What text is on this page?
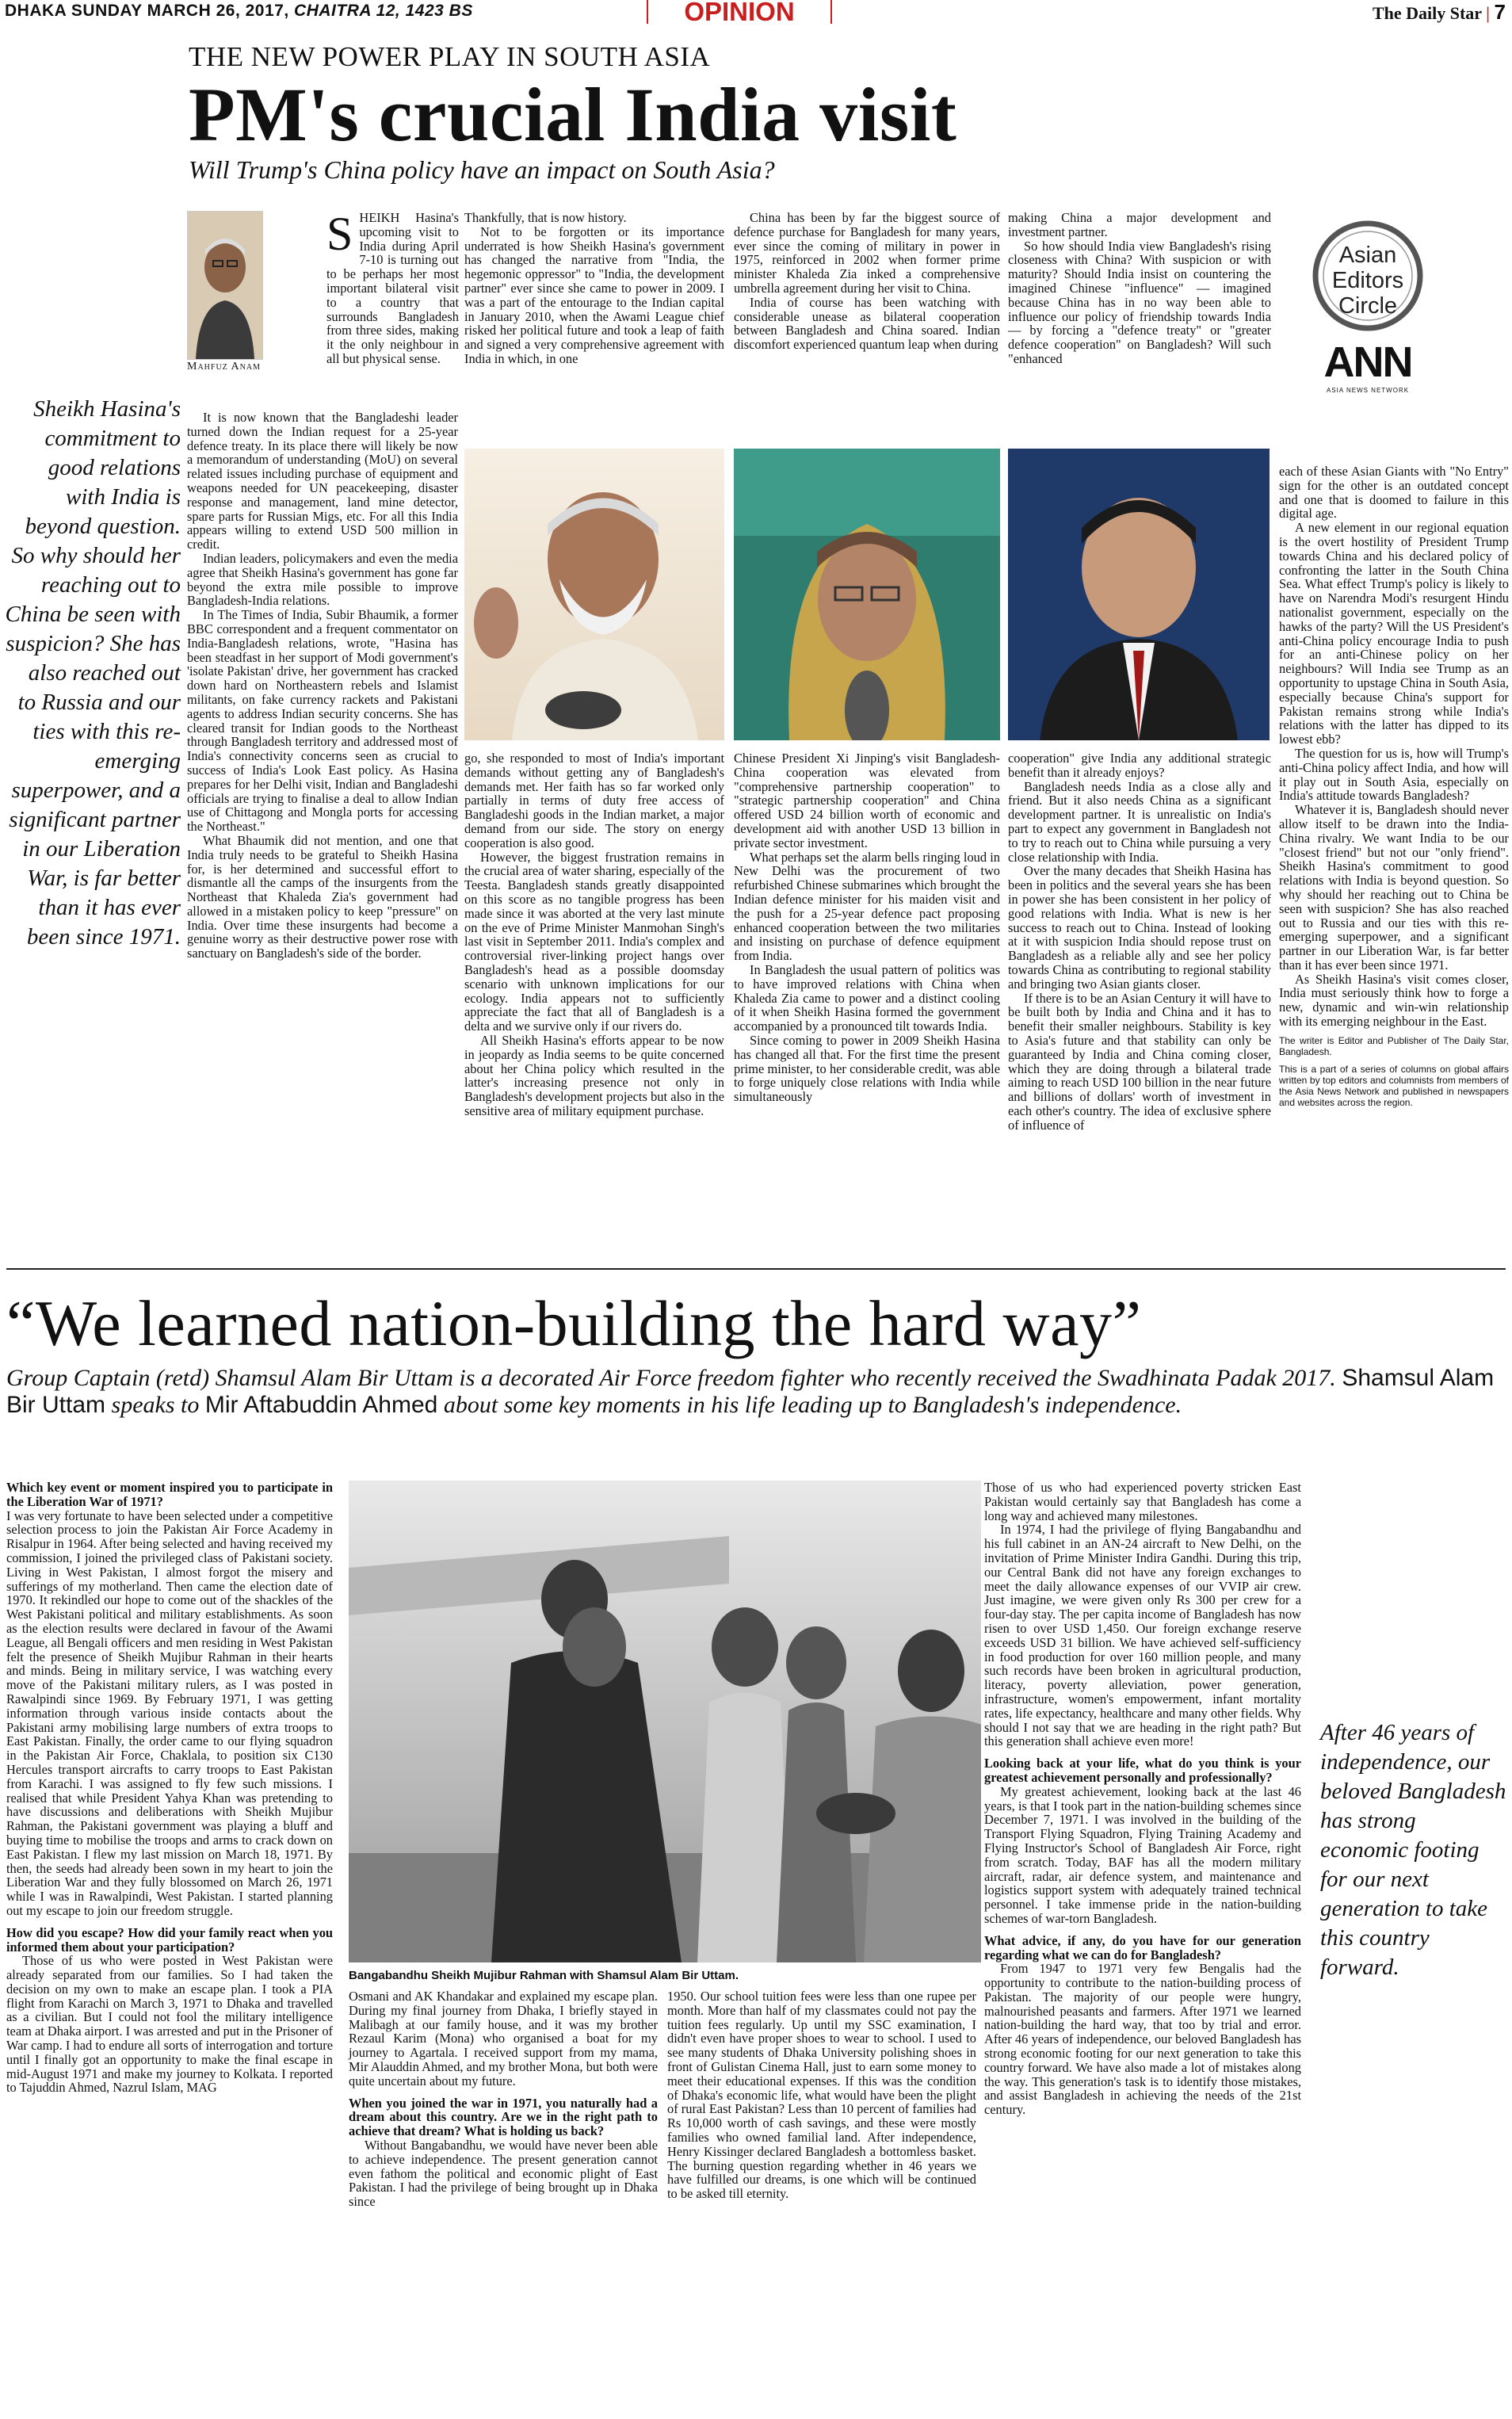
DHAKA SUNDAY MARCH 26, 2017, CHAITRA 12, 1423 BS	OPINION	The Daily Star | 7
THE NEW POWER PLAY IN SOUTH ASIA
PM's crucial India visit
Will Trump's China policy have an impact on South Asia?
Mahfuz Anam
Sheikh Hasina's commitment to good relations with India is beyond question. So why should her reaching out to China be seen with suspicion? She has also reached out to Russia and our ties with this re-emerging superpower, and a significant partner in our Liberation War, is far better than it has ever been since 1971.
S HEIKH Hasina's upcoming visit to India during April 7-10 is turning out to be perhaps her most important bilateral visit to a country that surrounds Bangladesh from three sides, making it the only neighbour in all but physical sense.

It is now known that the Bangladeshi leader turned down the Indian request for a 25-year defence treaty. In its place there will likely be now a memorandum of understanding (MoU) on several related issues including purchase of equipment and weapons needed for UN peacekeeping, disaster response and management, land mine detector, spare parts for Russian Migs, etc. For all this India appears willing to extend USD 500 million in credit.

Indian leaders, policymakers and even the media agree that Sheikh Hasina's government has gone far beyond the extra mile possible to improve Bangladesh-India relations.

In The Times of India, Subir Bhaumik, a former BBC correspondent and a frequent commentator on India-Bangladesh relations, wrote, "Hasina has been steadfast in her support of Modi government's 'isolate Pakistan' drive, her government has cracked down hard on Northeastern rebels and Islamist militants, on fake currency rackets and Pakistani agents to address Indian security concerns. She has cleared transit for Indian goods to the Northeast through Bangladesh territory and addressed most of India's connectivity concerns seen as crucial to success of India's Look East policy. As Hasina prepares for her Delhi visit, Indian and Bangladeshi officials are trying to finalise a deal to allow Indian use of Chittagong and Mongla ports for accessing the Northeast."

What Bhaumik did not mention, and one that India truly needs to be grateful to Sheikh Hasina for, is her determined and successful effort to dismantle all the camps of the insurgents from the Northeast that Khaleda Zia's government had allowed in a mistaken policy to keep "pressure" on India. Over time these insurgents had become a genuine worry as their destructive power rose with sanctuary on Bangladesh's side of the border.

Thankfully, that is now history.

Not to be forgotten or its importance underrated is how Sheikh Hasina's government has changed the narrative from "India, the hegemonic oppressor" to "India, the development partner" ever since she came to power in 2009. I was a part of the entourage to the Indian capital in January 2010, when the Awami League chief risked her political future and took a leap of faith and signed a very comprehensive agreement with India in which, in one

China has been by far the biggest source of defence purchase for Bangladesh for many years, ever since the coming of military in power in 1975, reinforced in 2002 when former prime minister Khaleda Zia inked a comprehensive umbrella agreement during her visit to China.

India of course has been watching with considerable unease as bilateral cooperation between Bangladesh and China soared. Indian discomfort experienced quantum leap when during

making China a major development and investment partner.

So how should India view Bangladesh's rising closeness with China? With suspicion or with maturity? Should India insist on countering the imagined Chinese "influence" — imagined because China has in no way been able to influence our policy of friendship towards India — by forcing a "defence treaty" or "greater defence cooperation" on Bangladesh? Will such "enhanced

Asian
Editors
Circle
ANN
ASIA NEWS NETWORK

go, she responded to most of India's important demands without getting any of Bangladesh's demands met. Her faith has so far worked only partially in terms of duty free access of Bangladeshi goods in the Indian market, a major demand from our side. The story on energy cooperation is also good.

However, the biggest frustration remains in the crucial area of water sharing, especially of the Teesta. Bangladesh stands greatly disappointed on this score as no tangible progress has been made since it was aborted at the very last minute on the eve of Prime Minister Manmohan Singh's last visit in September 2011. India's complex and controversial river-linking project hangs over Bangladesh's head as a possible doomsday scenario with unknown implications for our ecology. India appears not to sufficiently appreciate the fact that all of Bangladesh is a delta and we survive only if our rivers do.

All Sheikh Hasina's efforts appear to be now in jeopardy as India seems to be quite concerned about her China policy which resulted in the latter's increasing presence not only in Bangladesh's development projects but also in the sensitive area of military equipment purchase.

Chinese President Xi Jinping's visit Bangladesh-China cooperation was elevated from "comprehensive partnership cooperation" to "strategic partnership cooperation" and China offered USD 24 billion worth of economic and development aid with another USD 13 billion in private sector investment.

What perhaps set the alarm bells ringing loud in New Delhi was the procurement of two refurbished Chinese submarines which brought the Indian defence minister for his maiden visit and the push for a 25-year defence pact proposing enhanced cooperation between the two militaries and insisting on purchase of defence equipment from India.

In Bangladesh the usual pattern of politics was to have improved relations with China when Khaleda Zia came to power and a distinct cooling of it when Sheikh Hasina formed the government accompanied by a pronounced tilt towards India.

Since coming to power in 2009 Sheikh Hasina has changed all that. For the first time the present prime minister, to her considerable credit, was able to forge uniquely close relations with India while simultaneously

cooperation" give India any additional strategic benefit than it already enjoys?

Bangladesh needs India as a close ally and friend. But it also needs China as a significant development partner. It is unrealistic on India's part to expect any government in Bangladesh not to try to reach out to China while pursuing a very close relationship with India.

Over the many decades that Sheikh Hasina has been in politics and the several years she has been in power she has been consistent in her policy of good relations with India. What is new is her success to reach out to China. Instead of looking at it with suspicion India should repose trust on Bangladesh as a reliable ally and see her policy towards China as contributing to regional stability and bringing two Asian giants closer.

If there is to be an Asian Century it will have to be built both by India and China and it has to benefit their smaller neighbours. Stability is key to Asia's future and that stability can only be guaranteed by India and China coming closer, which they are doing through a bilateral trade aiming to reach USD 100 billion in the near future and billions of dollars' worth of investment in each other's country. The idea of exclusive sphere of influence of

each of these Asian Giants with "No Entry" sign for the other is an outdated concept and one that is doomed to failure in this digital age.

A new element in our regional equation is the overt hostility of President Trump towards China and his declared policy of confronting the latter in the South China Sea. What effect Trump's policy is likely to have on Narendra Modi's resurgent Hindu nationalist government, especially on the hawks of the party? Will the US President's anti-China policy encourage India to push for an anti-Chinese policy on her neighbours? Will India see Trump as an opportunity to upstage China in South Asia, especially because China's support for Pakistan remains strong while India's relations with the latter has dipped to its lowest ebb?

The question for us is, how will Trump's anti-China policy affect India, and how will it play out in South Asia, especially on India's attitude towards Bangladesh?

Whatever it is, Bangladesh should never allow itself to be drawn into the India-China rivalry. We want India to be our "closest friend" but not our "only friend". Sheikh Hasina's commitment to good relations with India is beyond question. So why should her reaching out to China be seen with suspicion? She has also reached out to Russia and our ties with this re-emerging superpower, and a significant partner in our Liberation War, is far better than it has ever been since 1971.

As Sheikh Hasina's visit comes closer, India must seriously think how to forge a new, dynamic and win-win relationship with its emerging neighbour in the East.

The writer is Editor and Publisher of The Daily Star, Bangladesh.
This is a part of a series of columns on global affairs written by top editors and columnists from members of the Asia News Network and published in newspapers and websites across the region.
“We learned nation-building the hard way”
Group Captain (retd) Shamsul Alam Bir Uttam is a decorated Air Force freedom fighter who recently received the Swadhinata Padak 2017. Shamsul Alam Bir Uttam speaks to Mir Aftabuddin Ahmed about some key moments in his life leading up to Bangladesh's independence.

Which key event or moment inspired you to participate in the Liberation War of 1971?

I was very fortunate to have been selected under a competitive selection process to join the Pakistan Air Force Academy in Risalpur in 1964. After being selected and having received my commission, I joined the privileged class of Pakistani society. Living in West Pakistan, I almost forgot the misery and sufferings of my motherland. Then came the election date of 1970. It rekindled our hope to come out of the shackles of the West Pakistani political and military establishments. As soon as the election results were declared in favour of the Awami League, all Bengali officers and men residing in West Pakistan felt the presence of Sheikh Mujibur Rahman in their hearts and minds. Being in military service, I was watching every move of the Pakistani military rulers, as I was posted in Rawalpindi since 1969. By February 1971, I was getting information through various inside contacts about the Pakistani army mobilising large numbers of extra troops to East Pakistan. Finally, the order came to our flying squadron in the Pakistan Air Force, Chaklala, to position six C130 Hercules transport aircrafts to carry troops to East Pakistan from Karachi. I was assigned to fly few such missions. I realised that while President Yahya Khan was pretending to have discussions and deliberations with Sheikh Mujibur Rahman, the Pakistani government was playing a bluff and buying time to mobilise the troops and arms to crack down on East Pakistan. I flew my last mission on March 18, 1971. By then, the seeds had already been sown in my heart to join the Liberation War and they fully blossomed on March 26, 1971 while I was in Rawalpindi, West Pakistan. I started planning out my escape to join our freedom struggle.

How did you escape? How did your family react when you informed them about your participation?

Those of us who were posted in West Pakistan were already separated from our families. So I had taken the decision on my own to make an escape plan. I took a PIA flight from Karachi on March 3, 1971 to Dhaka and travelled as a civilian. But I could not fool the military intelligence team at Dhaka airport. I was arrested and put in the Prisoner of War camp. I had to endure all sorts of interrogation and torture until I finally got an opportunity to make the final escape in mid-August 1971 and make my journey to Kolkata. I reported to Tajuddin Ahmed, Nazrul Islam, MAG

Bangabandhu Sheikh Mujibur Rahman with Shamsul Alam Bir Uttam.

Osmani and AK Khandakar and explained my escape plan. During my final journey from Dhaka, I briefly stayed in Malibagh at our family house, and it was my brother Rezaul Karim (Mona) who organised a boat for my journey to Agartala. I received support from my mama, Mir Alauddin Ahmed, and my brother Mona, but both were quite uncertain about my future.

When you joined the war in 1971, you naturally had a dream about this country. Are we in the right path to achieve that dream? What is holding us back?

Without Bangabandhu, we would have never been able to achieve independence. The present generation cannot even fathom the political and economic plight of East Pakistan. I had the privilege of being brought up in Dhaka since

1950. Our school tuition fees were less than one rupee per month. More than half of my classmates could not pay the tuition fees regularly. Up until my SSC examination, I didn't even have proper shoes to wear to school. I used to see many students of Dhaka University polishing shoes in front of Gulistan Cinema Hall, just to earn some money to meet their educational expenses. If this was the condition of Dhaka's economic life, what would have been the plight of rural East Pakistan? Less than 10 percent of families had Rs 10,000 worth of cash savings, and these were mostly families who owned familial land. After independence, Henry Kissinger declared Bangladesh a bottomless basket. The burning question regarding whether in 46 years we have fulfilled our dreams, is one which will be continued to be asked till eternity.

Those of us who had experienced poverty stricken East Pakistan would certainly say that Bangladesh has come a long way and achieved many milestones.

In 1974, I had the privilege of flying Bangabandhu and his full cabinet in an AN-24 aircraft to New Delhi, on the invitation of Prime Minister Indira Gandhi. During this trip, our Central Bank did not have any foreign exchanges to meet the daily allowance expenses of our VVIP air crew. Just imagine, we were given only Rs 300 per crew for a four-day stay. The per capita income of Bangladesh has now risen to over USD 1,450. Our foreign exchange reserve exceeds USD 31 billion. We have achieved self-sufficiency in food production for over 160 million people, and many such records have been broken in agricultural production, literacy, poverty alleviation, power generation, infrastructure, women's empowerment, infant mortality rates, life expectancy, healthcare and many other fields. Why should I not say that we are heading in the right path? But this generation shall achieve even more!

Looking back at your life, what do you think is your greatest achievement personally and professionally?

My greatest achievement, looking back at the last 46 years, is that I took part in the nation-building schemes since December 7, 1971. I was involved in the building of the Transport Flying Squadron, Flying Training Academy and Flying Instructor's School of Bangladesh Air Force, right from scratch. Today, BAF has all the modern military aircraft, radar, air defence system, and maintenance and logistics support system with adequately trained technical personnel. I take immense pride in the nation-building schemes of war-torn Bangladesh.

What advice, if any, do you have for our generation regarding what we can do for Bangladesh?

From 1947 to 1971 very few Bengalis had the opportunity to contribute to the nation-building process of Pakistan. The majority of our people were hungry, malnourished peasants and farmers. After 1971 we learned nation-building the hard way, that too by trial and error. After 46 years of independence, our beloved Bangladesh has strong economic footing for our next generation to take this country forward. We have also made a lot of mistakes along the way. This generation's task is to identify those mistakes, and assist Bangladesh in achieving the needs of the 21st century.

After 46 years of independence, our beloved Bangladesh has strong economic footing for our next generation to take this country forward.
